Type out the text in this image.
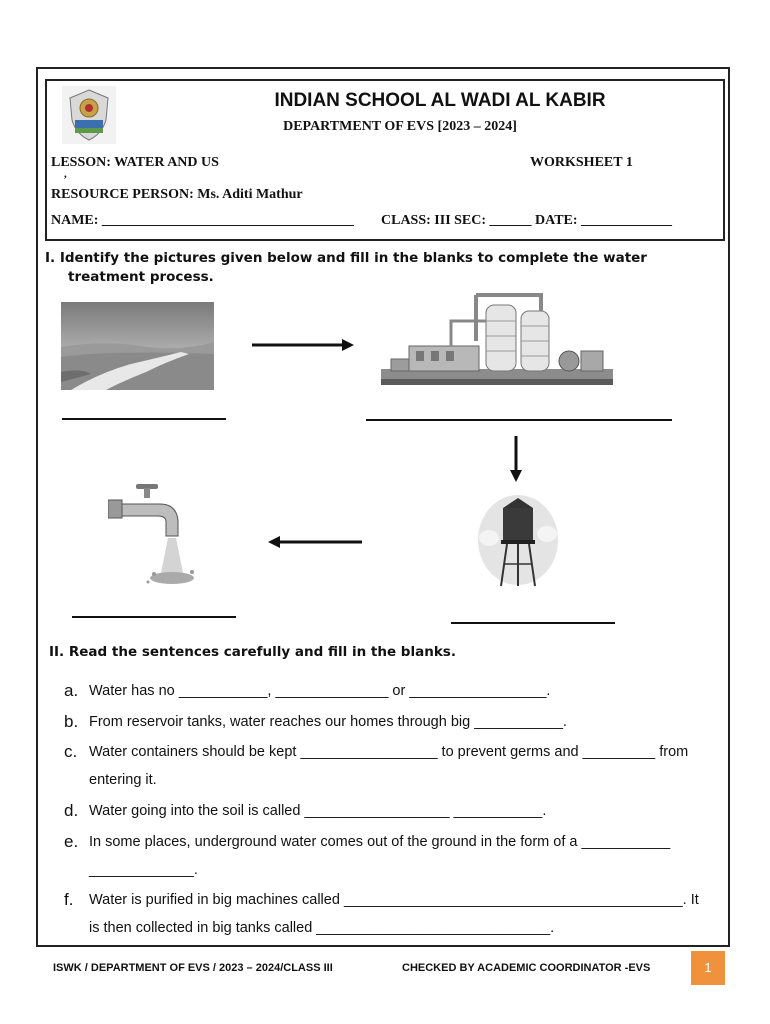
INDIAN SCHOOL AL WADI AL KABIR
DEPARTMENT OF EVS [2023 – 2024]
LESSON: WATER AND US	WORKSHEET 1
,
RESOURCE PERSON: Ms. Aditi Mathur
NAME: ____________________________________ CLASS: III SEC: ______ DATE: _____________
I. Identify the pictures given below and fill in the blanks to complete the water
treatment process.
II. Read the sentences carefully and fill in the blanks.
a. Water has no ___________, ______________ or _________________.
b. From reservoir tanks, water reaches our homes through big ___________.
c. Water containers should be kept _________________ to prevent germs and _________ from
entering it.
d. Water going into the soil is called __________________ ___________.
e. In some places, underground water comes out of the ground in the form of a ___________
_____________.
f. Water is purified in big machines called __________________________________________. It
is then collected in big tanks called _____________________________.
ISWK / DEPARTMENT OF EVS / 2023 – 2024/CLASS III	CHECKED BY ACADEMIC COORDINATOR -EVS	1
